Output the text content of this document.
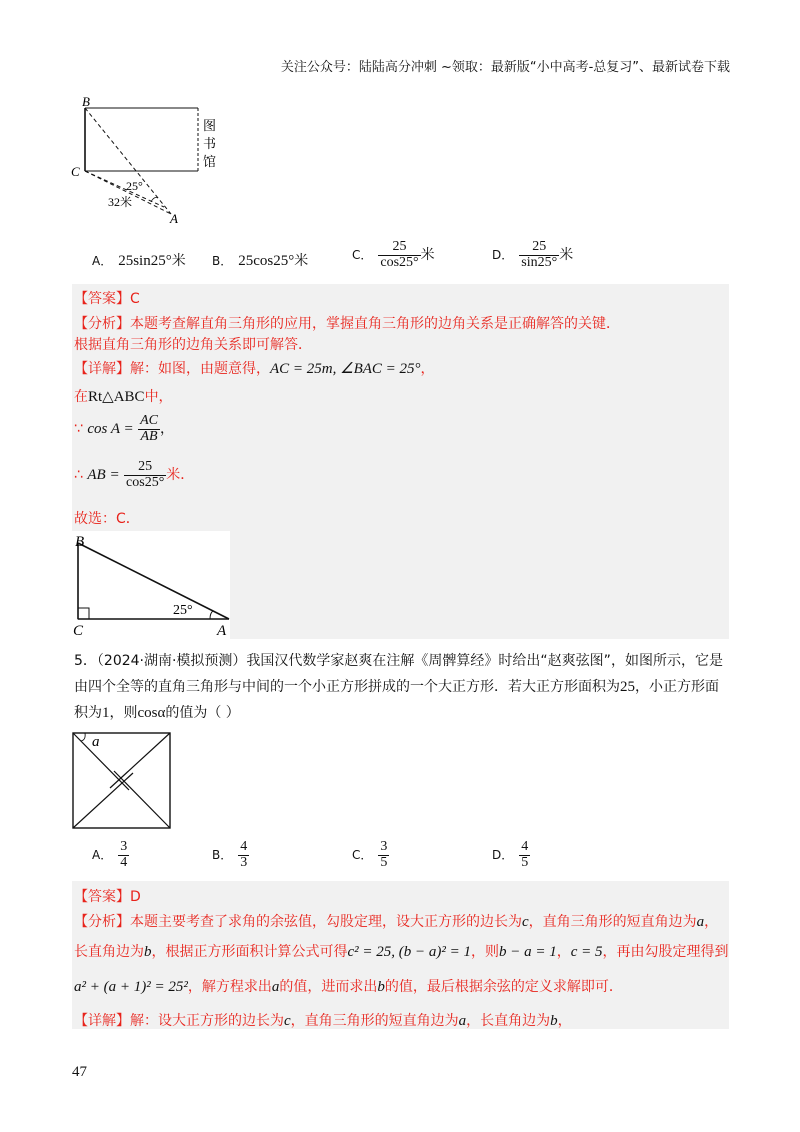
关注公众号：陆陆高分冲刺 ~领取：最新版“小中高考-总复习”、最新试卷下载
B
C
A
25°
32米
图
书
馆
A． 25sin25°米 B． 25cos25°米	C． $\frac{25}{\cos 25^\circ}$ 米	D． $\frac{25}{\sin 25^\circ}$ 米
【答案】C
【分析】本题考查解直角三角形的应用，掌握直角三角形的边角关系是正确解答的关键．
根据直角三角形的边角关系即可解答．
【详解】解：如图，由题意得，AC = 25m, ∠BAC = 25°，
在Rt△ABC中，
∵ $\cos A = \frac{AC}{AB}$ ，
∴ AB = $\frac{25}{\cos 25^\circ}$ 米．
故选：C．
B
C	A
25°
5．（2024·湖南·模拟预测）我国汉代数学家赵爽在注解《周髀算经》时给出“赵爽弦图”，如图所示，它是
由四个全等的直角三角形与中间的一个小正方形拼成的一个大正方形．若大正方形面积为25，小正方形面
积为1，则cosα的值为（ ）
a
A． $\frac{3}{4}$	B． $\frac{4}{3}$	C． $\frac{3}{5}$	D． $\frac{4}{5}$
【答案】D
【分析】本题主要考查了求角的余弦值，勾股定理，设大正方形的边长为c，直角三角形的短直角边为a，
长直角边为b，根据正方形面积计算公式可得c² = 25, (b − a)² = 1，则b − a = 1，c = 5，再由勾股定理得到
a² + (a + 1)² = 25²，解方程求出a的值，进而求出b的值，最后根据余弦的定义求解即可．
【详解】解：设大正方形的边长为c，直角三角形的短直角边为a，长直角边为b，
47
